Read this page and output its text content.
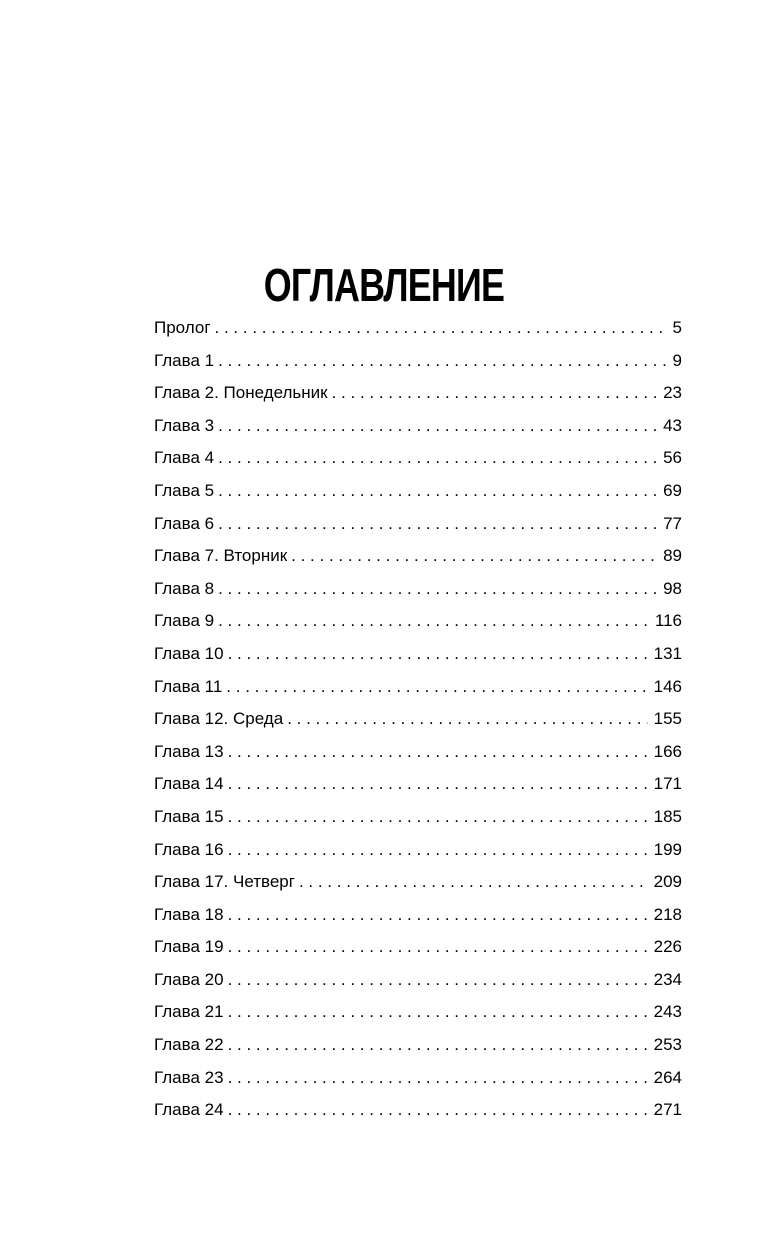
ОГЛАВЛЕНИЕ
Пролог . . .	5
Глава 1 . . .	9
Глава 2. Понедельник . . .	23
Глава 3 . . .	43
Глава 4 . . .	56
Глава 5 . . .	69
Глава 6 . . .	77
Глава 7. Вторник . . .	89
Глава 8 . . .	98
Глава 9 . . .	116
Глава 10 . . .	131
Глава 11 . . .	146
Глава 12. Среда . . .	155
Глава 13 . . .	166
Глава 14 . . .	171
Глава 15 . . .	185
Глава 16 . . .	199
Глава 17. Четверг . . .	209
Глава 18 . . .	218
Глава 19 . . .	226
Глава 20 . . .	234
Глава 21 . . .	243
Глава 22 . . .	253
Глава 23 . . .	264
Глава 24 . . .	271
